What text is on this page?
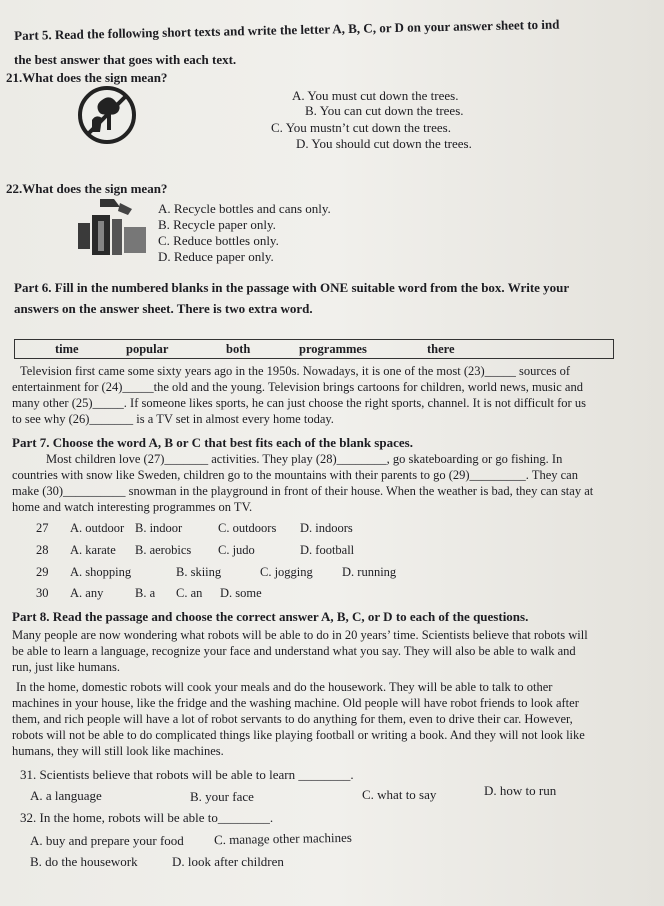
Part 5. Read the following short texts and write the letter A, B, C, or D on your answer sheet to ind
the best answer that goes with each text.
21.What does the sign mean?
A. You must cut down the trees.
B. You can cut down the trees.
C. You mustn’t cut down the trees.
D. You should cut down the trees.
22.What does the sign mean?
A. Recycle bottles and cans only.
B. Recycle paper only.
C. Reduce bottles only.
D. Reduce paper only.
Part 6. Fill in the numbered blanks in the passage with ONE suitable word from the box. Write your
answers on the answer sheet. There is two extra word.
time	popular	both	programmes	there
Television first came some sixty years ago in the 1950s. Nowadays, it is one of the most (23)_____ sources of
entertainment for (24)_____the old and the young. Television brings cartoons for children, world news, music and
many other (25)_____. If someone likes sports, he can just choose the right sports, channel. It is not difficult for us
to see why (26)_______ is a TV set in almost every home today.
Part 7. Choose the word A, B or C that best fits each of the blank spaces.
Most children love (27)_______ activities. They play (28)________, go skateboarding or go fishing. In
countries with snow like Sweden, children go to the mountains with their parents to go (29)_________. They can
make (30)__________ snowman in the playground in front of their house. When the weather is bad, they can stay at
home and watch interesting programmes on TV.
27 A. outdoor B. indoor	C. outdoors D. indoors
28 A. karate B. aerobics C. judo	D. football
29 A. shopping	B. skiing	C. jogging D. running
30 A. any	B. a C. an D. some
Part 8. Read the passage and choose the correct answer A, B, C, or D to each of the questions.
Many people are now wondering what robots will be able to do in 20 years’ time. Scientists believe that robots will
be able to learn a language, recognize your face and understand what you say. They will also be able to walk and
run, just like humans.
In the home, domestic robots will cook your meals and do the housework. They will be able to talk to other
machines in your house, like the fridge and the washing machine. Old people will have robot friends to look after
them, and rich people will have a lot of robot servants to do anything for them, even to drive their car. However,
robots will not be able to do complicated things like playing football or writing a book. And they will not look like
humans, they will still look like machines.
31. Scientists believe that robots will be able to learn ________.
A. a language	B. your face	C. what to say	D. how to run
32. In the home, robots will be able to________.
A. buy and prepare your food C. manage other machines
B. do the housework	D. look after children
